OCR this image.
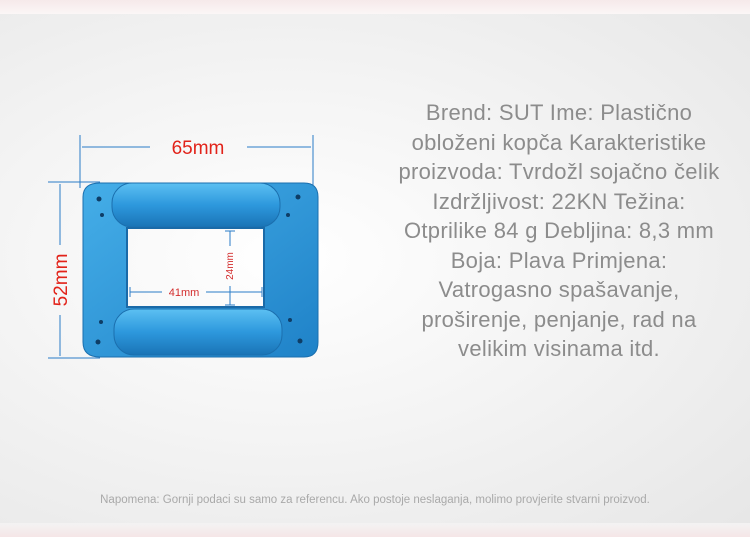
65mm
52mm	41mm
24mm
Brend: SUT Ime: Plastično obloženi kopča Karakteristike proizvoda: Tvrdožl sojačno čelik Izdržljivost: 22KN Težina: Otprilike 84 g Debljina: 8,3 mm Boja: Plava Primjena: Vatrogasno spašavanje, proširenje, penjanje, rad na velikim visinama itd.
Napomena: Gornji podaci su samo za referencu. Ako postoje neslaganja, molimo provjerite stvarni proizvod.
